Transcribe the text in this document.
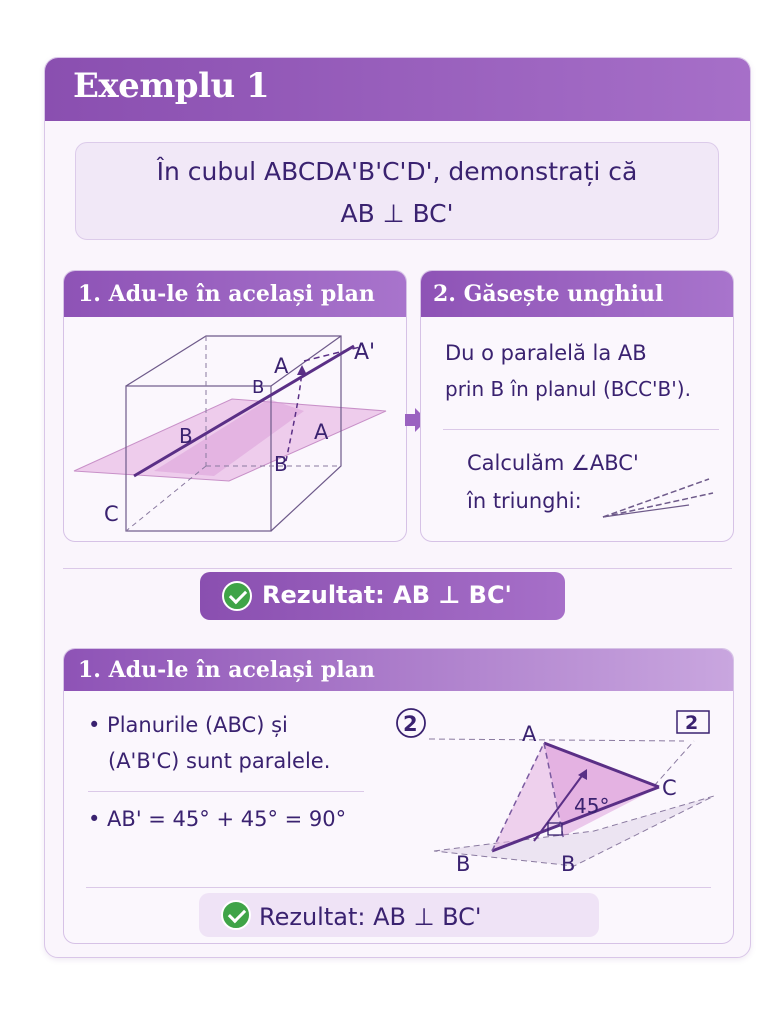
Exemplu 1
În cubul ABCDA'B'C'D', demonstrați că
AB ⊥ BC'
1. Adu-le în același plan
A'
A
B
B	A
B
C
2. Găsește unghiul
Du o paralelă la AB
prin B în planul (BCC'B').
Calculăm ∠ABC'
în triunghi:
Rezultat: AB ⊥ BC'
1. Adu-le în același plan
• Planurile (ABC) și
(A'B'C) sunt paralele.
• AB' = 45° + 45° = 90°
2	2
A
C
45°
B	B
Rezultat: AB ⊥ BC'
